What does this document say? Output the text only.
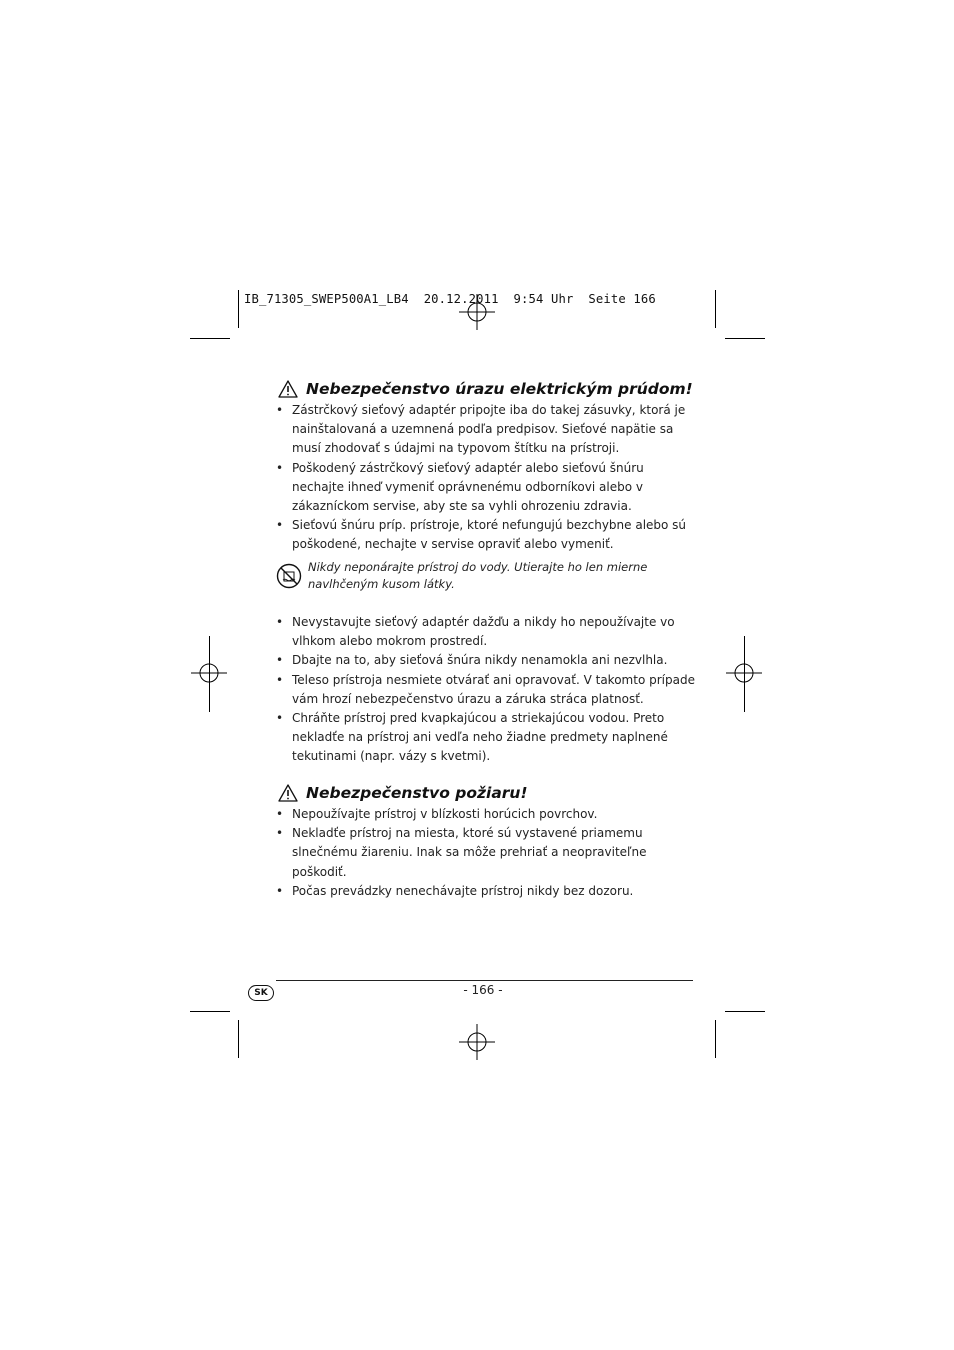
IB_71305_SWEP500A1_LB4  20.12.2011  9:54 Uhr  Seite 166
Nebezpečenstvo úrazu elektrickým prúdom!
• Zástrčkový sieťový adaptér pripojte iba do takej zásuvky, ktorá je nainštalovaná a uzemnená podľa predpisov. Sieťové napätie sa musí zhodovať s údajmi na typovom štítku na prístroji.
• Poškodený zástrčkový sieťový adaptér alebo sieťovú šnúru nechajte ihneď vymeniť oprávnenému odborníkovi alebo v zákazníckom servise, aby ste sa vyhli ohrozeniu zdravia.
• Sieťovú šnúru príp. prístroje, ktoré nefungujú bezchybne alebo sú poškodené, nechajte v servise opraviť alebo vymeniť.
Nikdy neponárajte prístroj do vody. Utierajte ho len mierne navlhčeným kusom látky.
• Nevystavujte sieťový adaptér dažďu a nikdy ho nepoužívajte vo vlhkom alebo mokrom prostredí.
• Dbajte na to, aby sieťová šnúra nikdy nenamokla ani nezvlhla.
• Teleso prístroja nesmiete otvárať ani opravovať. V takomto prípade vám hrozí nebezpečenstvo úrazu a záruka stráca platnosť.
• Chráňte prístroj pred kvapkajúcou a striekajúcou vodou. Preto nekladťe na prístroj ani vedľa neho žiadne predmety naplnené tekutinami (napr. vázy s kvetmi).
Nebezpečenstvo požiaru!
• Nepoužívajte prístroj v blízkosti horúcich povrchov.
• Nekladťe prístroj na miesta, ktoré sú vystavené priamemu slnečnému žiareniu. Inak sa môže prehriať a neopraviteľne poškodiť.
• Počas prevádzky nenechávajte prístroj nikdy bez dozoru.
SK	- 166 -
